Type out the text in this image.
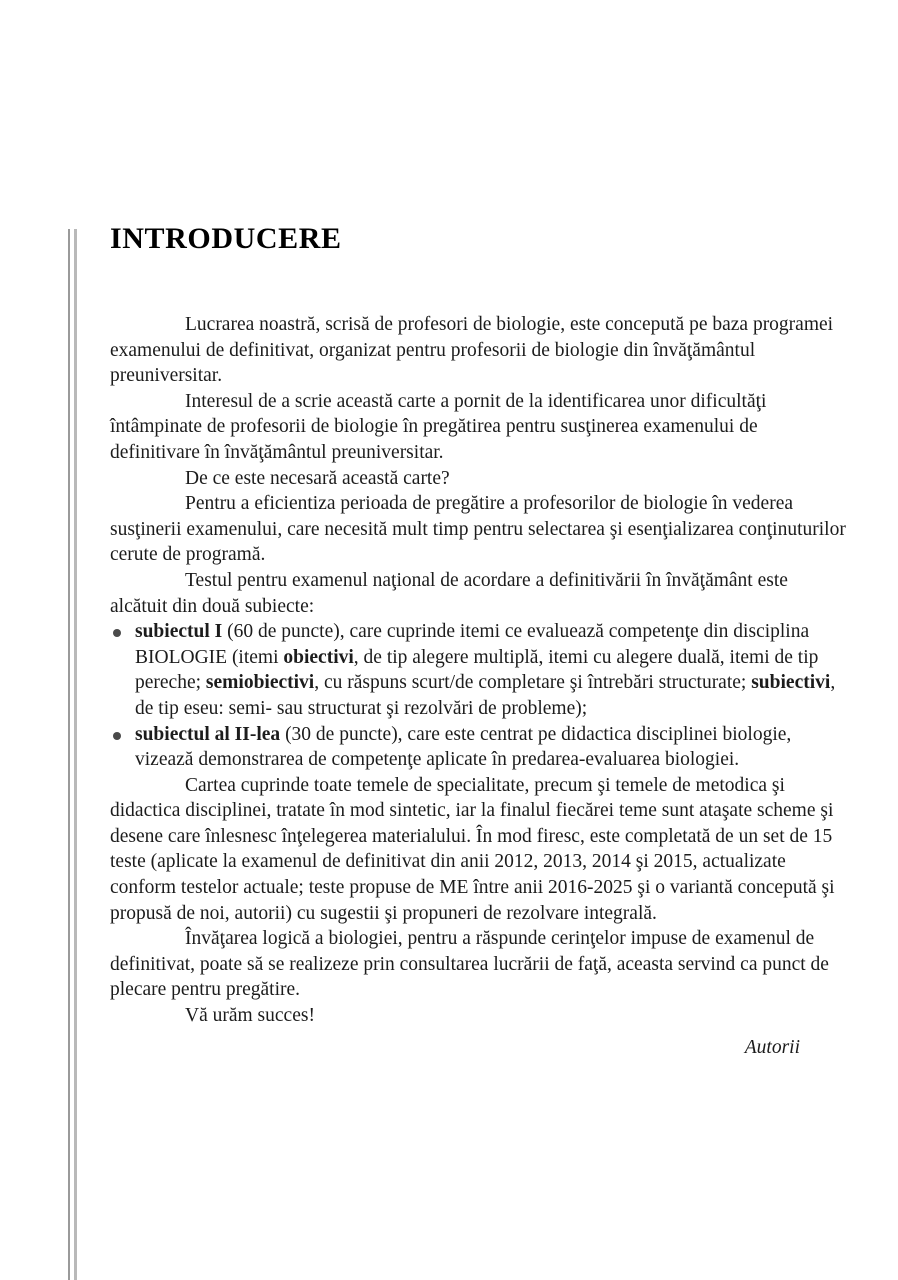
INTRODUCERE

Lucrarea noastră, scrisă de profesori de biologie, este concepută pe baza programei examenului de definitivat, organizat pentru profesorii de biologie din învăţământul preuniversitar.

Interesul de a scrie această carte a pornit de la identificarea unor dificultăţi întâmpinate de profesorii de biologie în pregătirea pentru susţinerea examenului de definitivare în învăţământul preuniversitar.

De ce este necesară această carte?

Pentru a eficientiza perioada de pregătire a profesorilor de biologie în vederea susţinerii examenului, care necesită mult timp pentru selectarea şi esenţializarea conţinuturilor cerute de programă.

Testul pentru examenul naţional de acordare a definitivării în învăţământ este alcătuit din două subiecte:

subiectul I (60 de puncte), care cuprinde itemi ce evaluează competenţe din disciplina BIOLOGIE (itemi obiectivi, de tip alegere multiplă, itemi cu alegere duală, itemi de tip pereche; semiobiectivi, cu răspuns scurt/de completare şi întrebări structurate; subiectivi, de tip eseu: semi- sau structurat şi rezolvări de probleme);
subiectul al II-lea (30 de puncte), care este centrat pe didactica disciplinei biologie, vizează demonstrarea de competenţe aplicate în predarea-evaluarea biologiei.

Cartea cuprinde toate temele de specialitate, precum şi temele de metodica şi didactica disciplinei, tratate în mod sintetic, iar la finalul fiecărei teme sunt ataşate scheme şi desene care înlesnesc înţelegerea materialului. În mod firesc, este completată de un set de 15 teste (aplicate la examenul de definitivat din anii 2012, 2013, 2014 şi 2015, actualizate conform testelor actuale; teste propuse de ME între anii 2016-2025 şi o variantă concepută şi propusă de noi, autorii) cu sugestii şi propuneri de rezolvare integrală.

Învăţarea logică a biologiei, pentru a răspunde cerinţelor impuse de examenul de definitivat, poate să se realizeze prin consultarea lucrării de faţă, aceasta servind ca punct de plecare pentru pregătire.

Vă urăm succes!

Autorii
